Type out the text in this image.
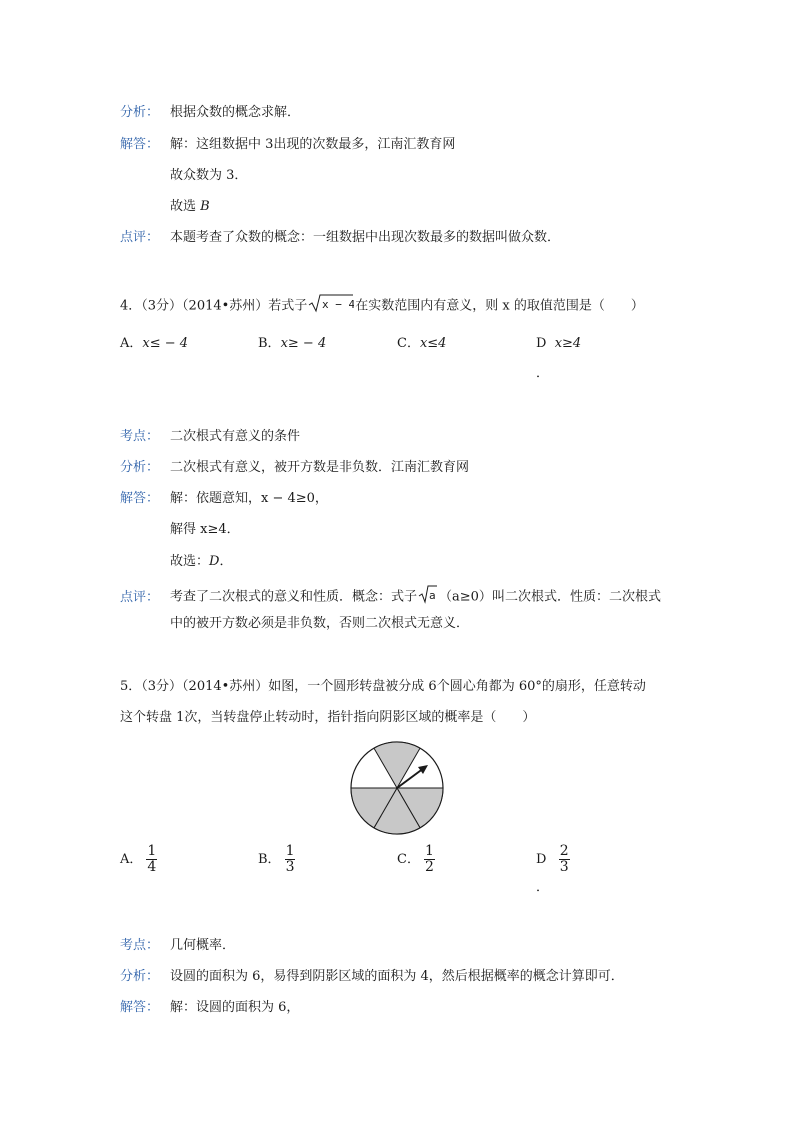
分析： 根据众数的概念求解．
解答： 解：这组数据中 3出现的次数最多，江南汇教育网
故众数为 3．
故选 B
点评： 本题考查了众数的概念：一组数据中出现次数最多的数据叫做众数．
4．（3分）（2014•苏州）若式子 x − 4 在实数范围内有意义，则 x 的取值范围是（　　）
A．x≤ − 4	B．x≥ − 4	C．x≤4	D x≥4
．
考点： 二次根式有意义的条件
分析： 二次根式有意义，被开方数是非负数．江南汇教育网
解答： 解：依题意知，x − 4≥0，
解得 x≥4．
故选：D．
点评： 考查了二次根式的意义和性质．概念：式子 a （a≥0）叫二次根式．性质：二次根式
中的被开方数必须是非负数，否则二次根式无意义．
5．（3分）（2014•苏州）如图，一个圆形转盘被分成 6个圆心角都为 60°的扇形，任意转动
这个转盘 1次，当转盘停止转动时，指针指向阴影区域的概率是（　　）
A． $\frac{1}{4}$	B． $\frac{1}{3}$	C． $\frac{1}{2}$	D $\frac{2}{3}$
．
考点： 几何概率．
分析： 设圆的面积为 6，易得到阴影区域的面积为 4，然后根据概率的概念计算即可．
解答： 解：设圆的面积为 6，
